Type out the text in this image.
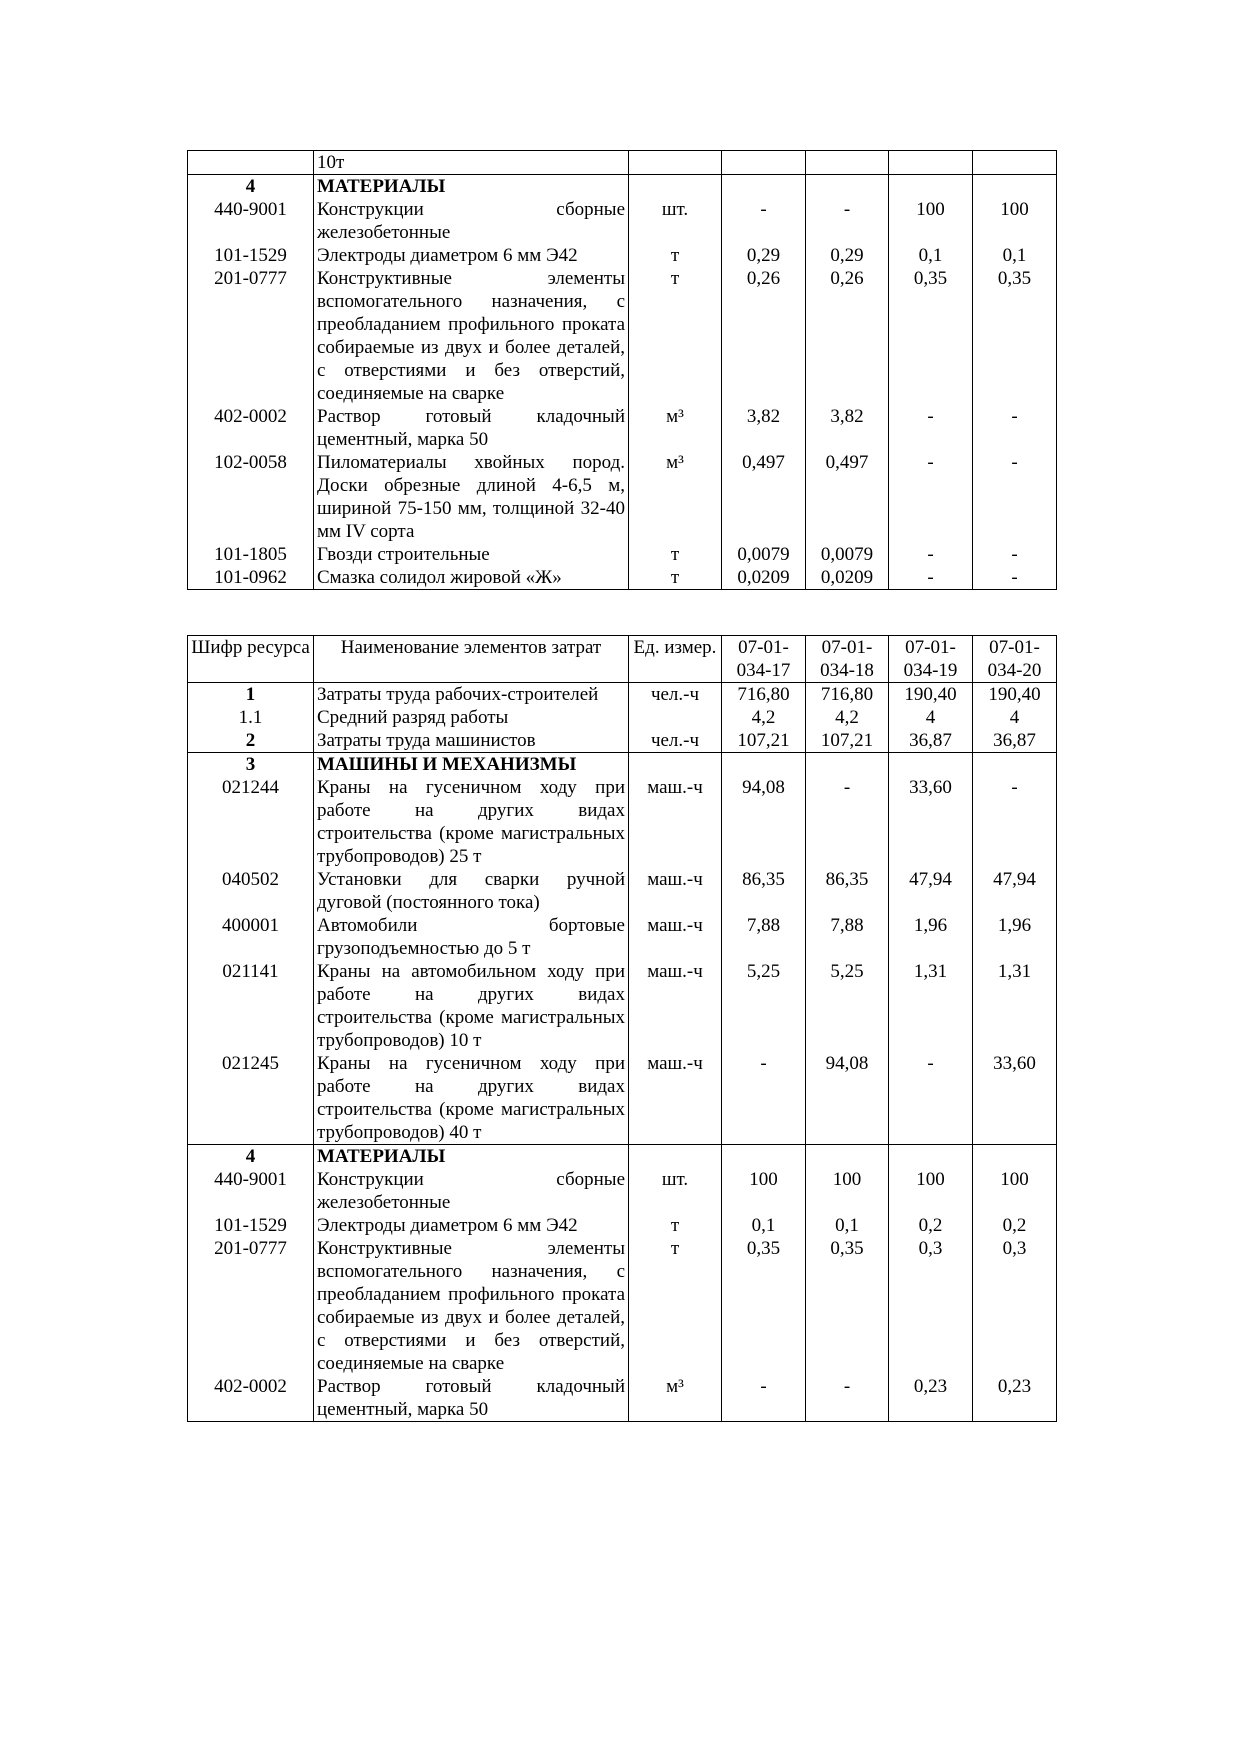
	10т					
4	МАТЕРИАЛЫ					
440-9001	Конструкции сборные железобетонные	шт.	-	-	100	100
101-1529	Электроды диаметром 6 мм Э42	т	0,29	0,29	0,1	0,1
201-0777	Конструктивные элементы вспомогательного назначения, с преобладанием профильного проката собираемые из двух и более деталей, с отверстиями и без отверстий, соединяемые на сварке	т	0,26	0,26	0,35	0,35
402-0002	Раствор готовый кладочный цементный, марка 50	м³	3,82	3,82	-	-
102-0058	Пиломатериалы хвойных пород. Доски обрезные длиной 4-6,5 м, шириной 75-150 мм, толщиной 32-40 мм IV сорта	м³	0,497	0,497	-	-
101-1805	Гвозди строительные	т	0,0079	0,0079	-	-
101-0962	Смазка солидол жировой «Ж»	т	0,0209	0,0209	-	-
Шифр ресурса	Наименование элементов затрат	Ед. измер.	07-01-034-17	07-01-034-18	07-01-034-19	07-01-034-20
1	Затраты труда рабочих-строителей	чел.-ч	716,80	716,80	190,40	190,40
1.1	Средний разряд работы		4,2	4,2	4	4
2	Затраты труда машинистов	чел.-ч	107,21	107,21	36,87	36,87
3	МАШИНЫ И МЕХАНИЗМЫ					
021244	Краны на гусеничном ходу при работе на других видах строительства (кроме магистральных трубопроводов) 25 т	маш.-ч	94,08	-	33,60	-
040502	Установки для сварки ручной дуговой (постоянного тока)	маш.-ч	86,35	86,35	47,94	47,94
400001	Автомобили бортовые грузоподъемностью до 5 т	маш.-ч	7,88	7,88	1,96	1,96
021141	Краны на автомобильном ходу при работе на других видах строительства (кроме магистральных трубопроводов) 10 т	маш.-ч	5,25	5,25	1,31	1,31
021245	Краны на гусеничном ходу при работе на других видах строительства (кроме магистральных трубопроводов) 40 т	маш.-ч	-	94,08	-	33,60
4	МАТЕРИАЛЫ					
440-9001	Конструкции сборные железобетонные	шт.	100	100	100	100
101-1529	Электроды диаметром 6 мм Э42	т	0,1	0,1	0,2	0,2
201-0777	Конструктивные элементы вспомогательного назначения, с преобладанием профильного проката собираемые из двух и более деталей, с отверстиями и без отверстий, соединяемые на сварке	т	0,35	0,35	0,3	0,3
402-0002	Раствор готовый кладочный цементный, марка 50	м³	-	-	0,23	0,23
